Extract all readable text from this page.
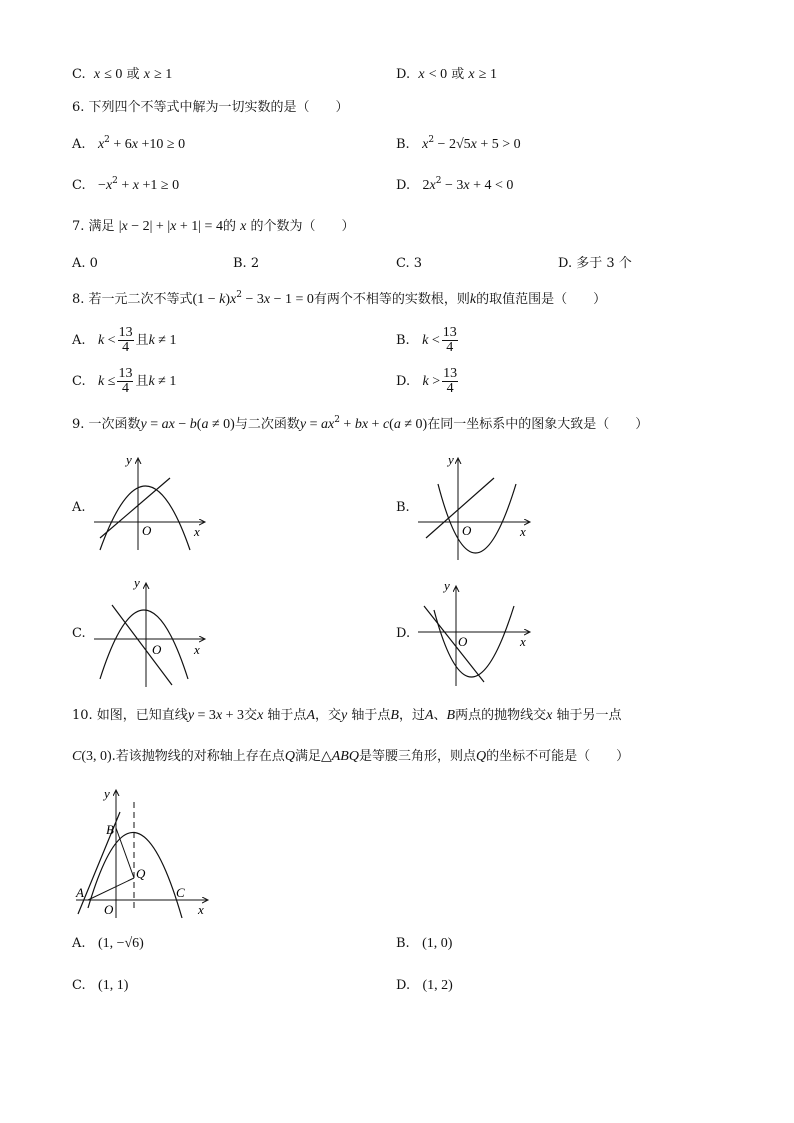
C. x ≤ 0 或 x ≥ 1	D. x < 0 或 x ≥ 1
6. 下列四个不等式中解为一切实数的是（　　）
A. $x^2 + 6x +10 \ge 0$	B. $x^2 - 2√5x + 5 > 0$
C. $-x^2 + x +1 \ge 0$	D. $2x^2 - 3x + 4 < 0$
7. 满足 |x − 2| + |x + 1| = 4的 x 的个数为（　　）
A. 0	B. 2	C. 3	D. 多于 3 个
8. 若一元二次不等式$(1 - k)x^2 - 3x - 1 = 0$有两个不相等的实数根，则k的取值范围是（　　）
A. $k < \frac{13}{4}$ 且k ≠ 1	B. $k < \frac{13}{4}$
C. $k \le \frac{13}{4}$ 且k ≠ 1	D. $k > \frac{13}{4}$
9. 一次函数y = ax − b(a ≠ 0)与二次函数$y = ax^2$ + bx + c(a ≠ 0)在同一坐标系中的图象大致是（　　）
A.	B.
C.	D.
O	x
y
O	x
y
O	x
y
O	x
y
10. 如图，已知直线y = 3x + 3交x 轴于点A，交y 轴于点B，过A、B两点的抛物线交x 轴于另一点
C(3, 0).若该抛物线的对称轴上存在点Q满足△ABQ是等腰三角形，则点Q的坐标不可能是（　　）
B
Q
A	C
O	x
y
A. (1, −√6)	B. (1, 0)
C. (1, 1)	D. (1, 2)
